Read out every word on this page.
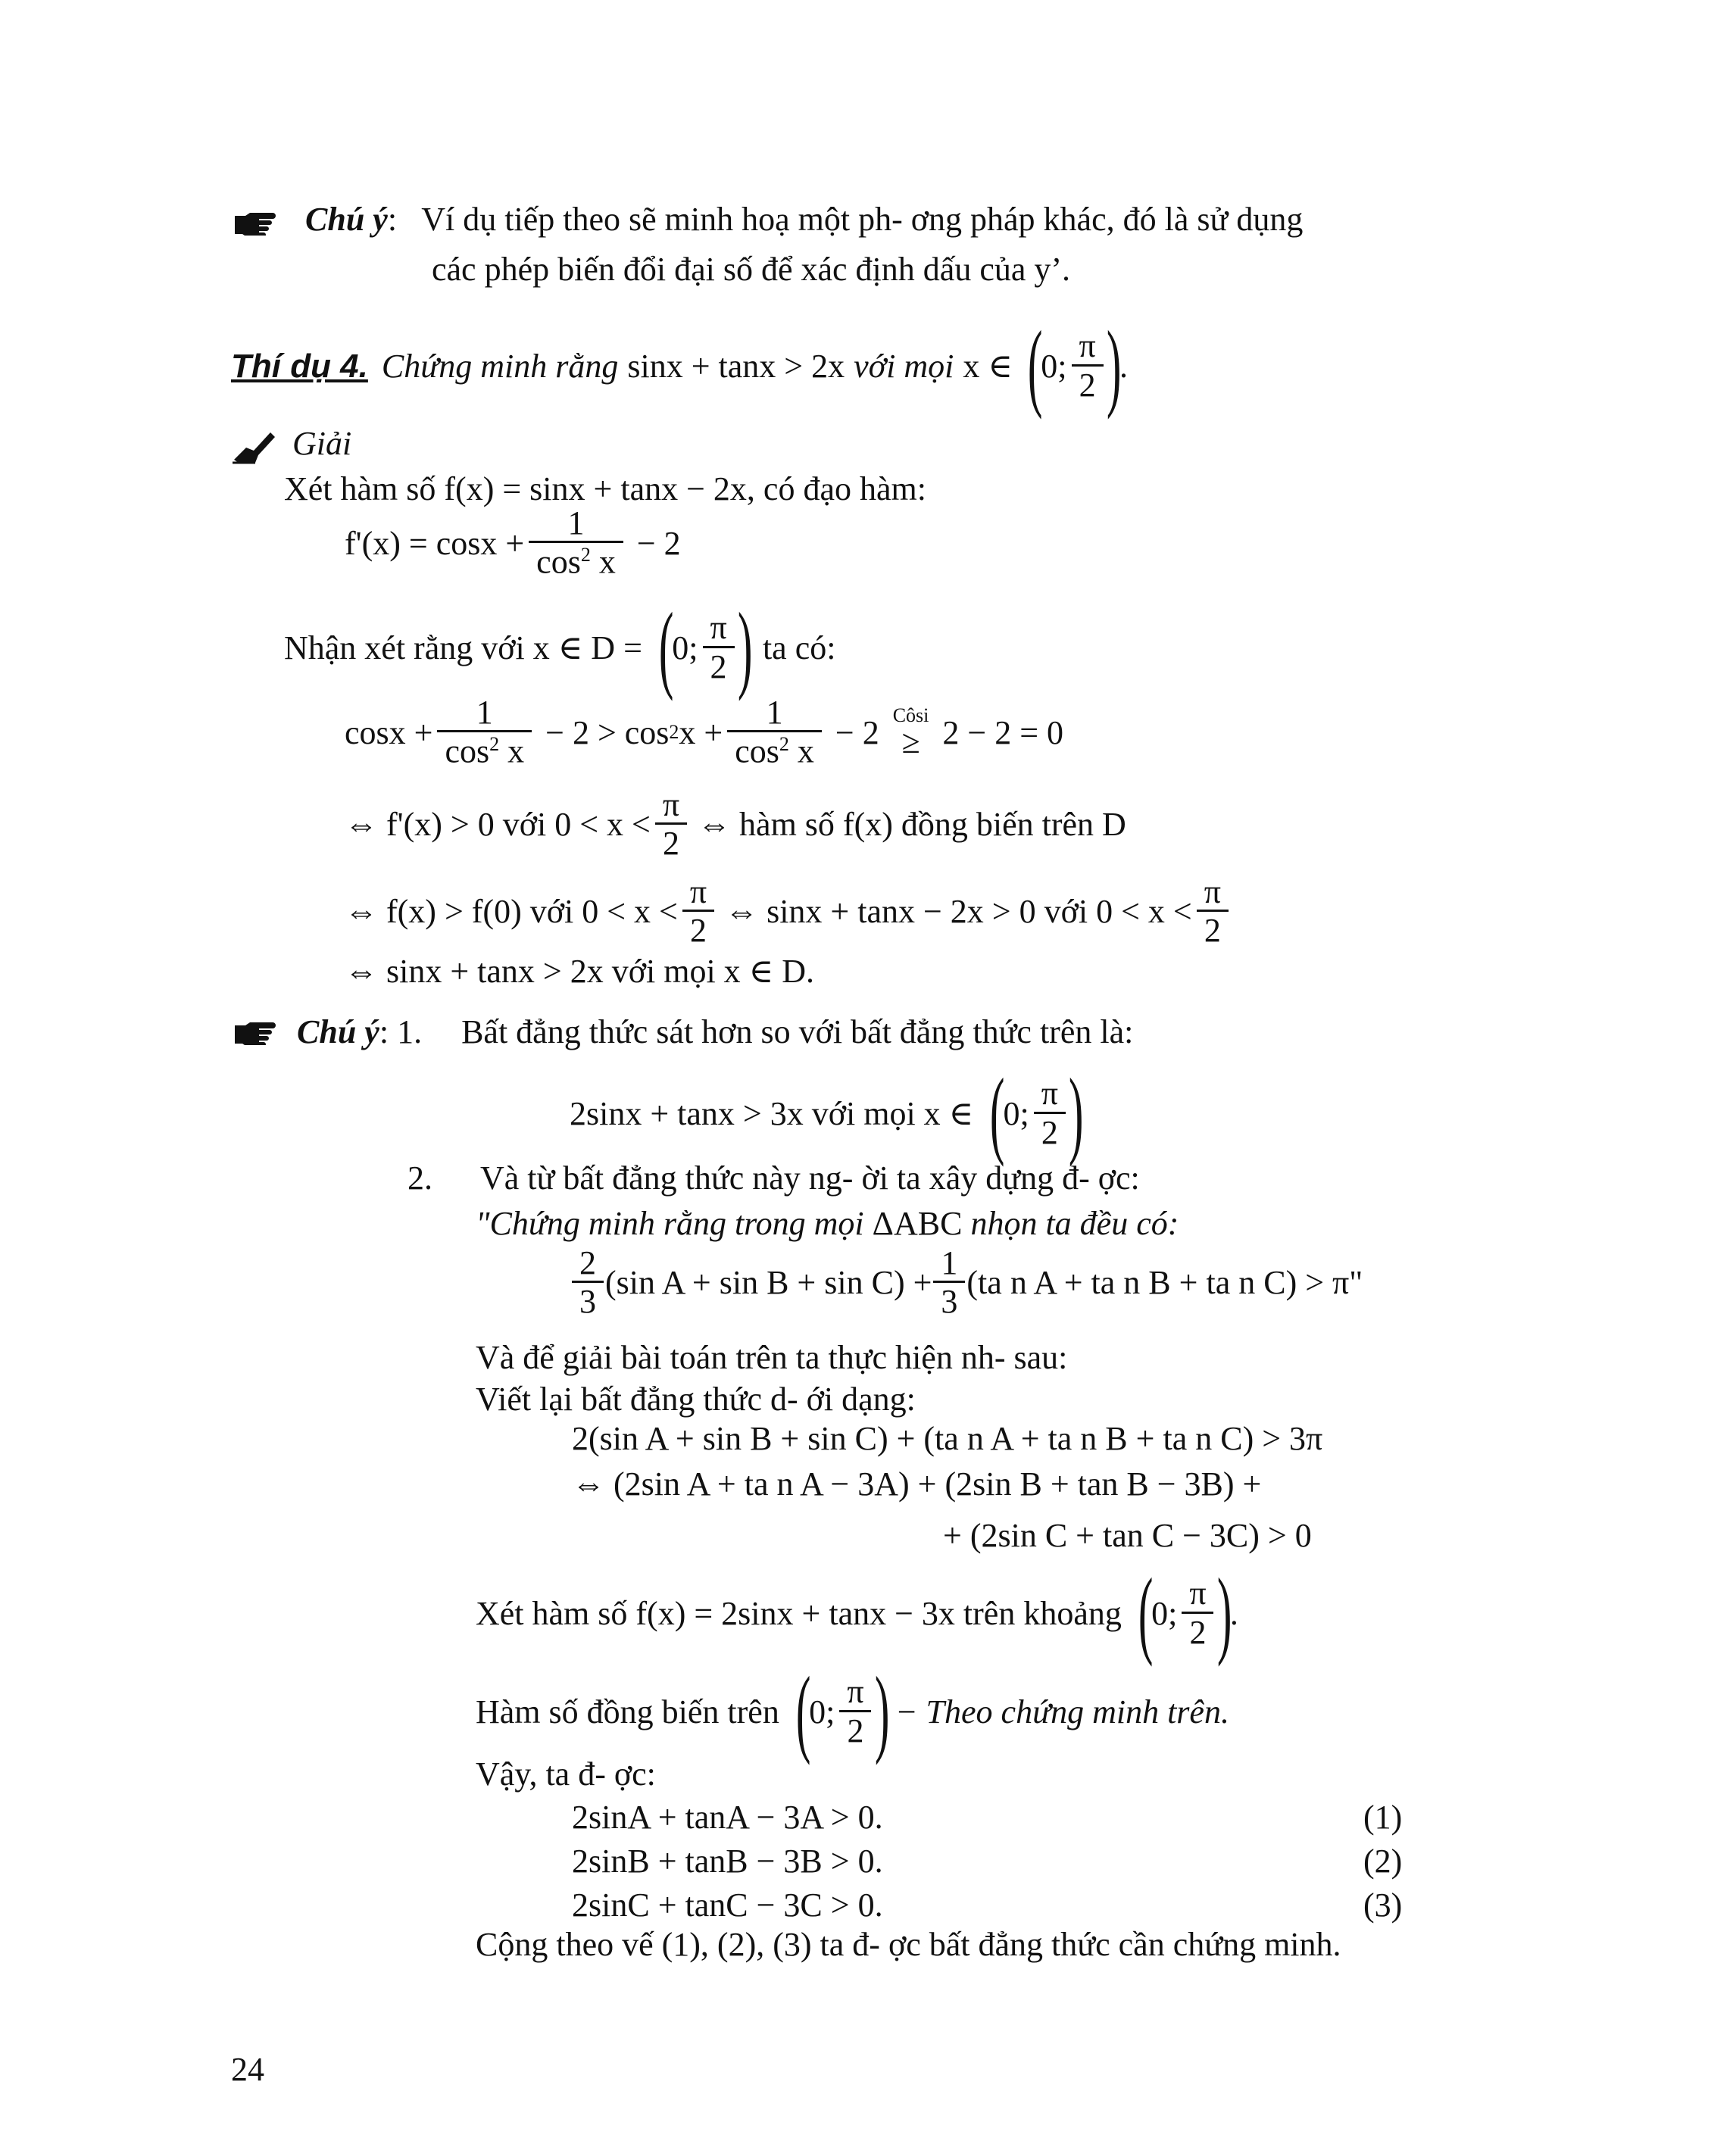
Chú ý:   Ví dụ tiếp theo sẽ minh hoạ một ph- ơng pháp khác, đó là sử dụng
các phép biến đổi đại số để xác định dấu của y’.
Thí dụ 4. Chứng minh rằng sinx + tanx > 2x với mọi x ∈ (
0; $\frac{\pi}{2}$ )
.
Giải
Xét hàm số f(x) = sinx + tanx − 2x, có đạo hàm:
$f'(x) = \cos x + \frac{1}{\cos^2 x} - 2$
Nhận xét rằng với x ∈ D = (
0; $\frac{\pi}{2}$ ) ta có:
$\cos x + \frac{1}{\cos^2 x} - 2 > \cos 2$ $x + \frac{1}{\cos^2 x} - 2$ Côsi
≥ 2 − 2 = 0
⇔ f'(x) > 0 với $0 < x < \frac{\pi}{2}$ ⇔ hàm số f(x) đồng biến trên D
⇔ f(x) > f(0) với $0 < x < \frac{\pi}{2}$ ⇔ sinx + tanx − 2x > 0 với $0 < x < \frac{\pi}{2}$
⇔ sinx + tanx > 2x với mọi x ∈ D.
Chú ý : 1. Bất đẳng thức sát hơn so với bất đẳng thức trên là:
2sinx + tanx > 3x với mọi x ∈ (
0; $\frac{\pi}{2}$ )
2. Và từ bất đẳng thức này ng- ời ta xây dựng đ- ợc:
"Chứng minh rằng trong mọi ΔABC nhọn ta đều có:
$\frac{2}{3} (\sin$ $A + \sin B + \sin C) + \frac{1}{3} (ta$ n A + ta n B + ta n C) > π"
Và để giải bài toán trên ta thực hiện nh- sau:
Viết lại bất đẳng thức d- ới dạng:
2(sin A + sin B + sin C) + (ta n A + ta n B + ta n C) > 3π
⇔ (2sin A + ta n A − 3A) + (2sin B + tan B − 3B) +
+ (2sin C + tan C − 3C) > 0
Xét hàm số f(x) = 2sinx + tanx − 3x trên khoảng (
0; $\frac{\pi}{2}$ )
.
Hàm số đồng biến trên (
0; $\frac{\pi}{2}$ ) − Theo chứng minh trên.
Vậy, ta đ- ợc:
2sinA + tanA − 3A > 0.	(1)
2sinB + tanB − 3B > 0.	(2)
2sinC + tanC − 3C > 0.	(3)
Cộng theo vế (1), (2), (3) ta đ- ợc bất đẳng thức cần chứng minh.
24
